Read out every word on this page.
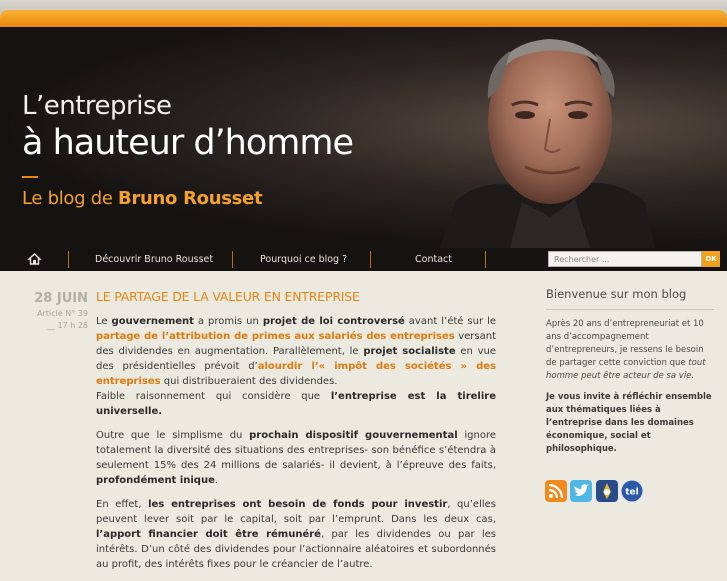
L’entreprise
à hauteur d’homme
Le blog de Bruno Rousset
Découvrir Bruno Rousset	Pourquoi ce blog ?	Contact	Rechercher ...	OK
28 JUIN
Article N° 39
__ 17 h 28
LE PARTAGE DE LA VALEUR EN ENTREPRISE

Le gouvernement a promis un projet de loi controversé avant l’été sur le partage de l’attribution de primes aux salariés des entreprises versant des dividendes en augmentation. Parallèlement, le projet socialiste en vue des présidentielles prévoit d’alourdir l’« impôt des sociétés » des entreprises qui distribueraient des dividendes.
Faible raisonnement qui considère que l’entreprise est la tirelire universelle.

Outre que le simplisme du prochain dispositif gouvernemental ignore totalement la diversité des situations des entreprises- son bénéfice s’étendra à seulement 15% des 24 millions de salariés- il devient, à l’épreuve des faits, profondément inique.

En effet, les entreprises ont besoin de fonds pour investir, qu’elles peuvent lever soit par le capital, soit par l’emprunt. Dans les deux cas, l’apport financier doit être rémunéré, par les dividendes ou par les intérêts. D’un côté des dividendes pour l’actionnaire aléatoires et subordonnés au profit, des intérêts fixes pour le créancier de l’autre.

Bienvenue sur mon blog

Après 20 ans d’entrepreneuriat et 10 ans d’accompagnement d’entrepreneurs, je ressens le besoin de partager cette conviction que tout homme peut être acteur de sa vie.

Je vous invite à réfléchir ensemble aux thématiques liées à l’entreprise dans les domaines économique, social et philosophique.

tel
